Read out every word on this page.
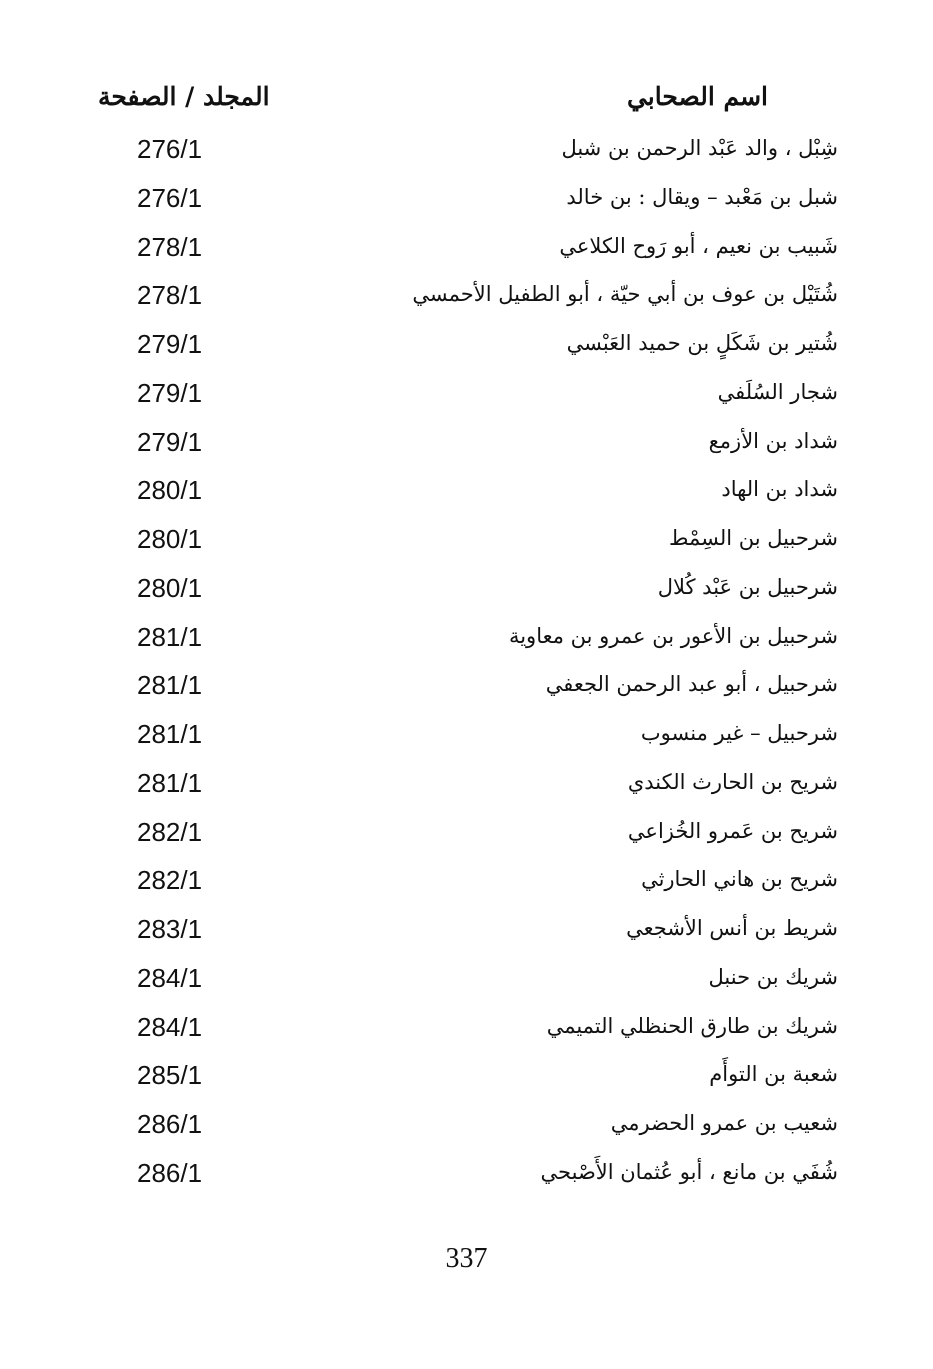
اسم الصحابي
المجلد / الصفحة
شِبْل ، والد عَبْد الرحمن بن شبل
276/1
شبل بن مَعْبد – ويقال : بن خالد
276/1
شَبيب بن نعيم ، أبو رَوح الكلاعي
278/1
شُتَيْل بن عوف بن أبي حيّة ، أبو الطفيل الأحمسي
278/1
شُتير بن شَكَلٍ بن حميد العَبْسي
279/1
شجار السُلَفي
279/1
شداد بن الأزمع
279/1
شداد بن الهاد
280/1
شرحبيل بن السِمْط
280/1
شرحبيل بن عَبْد كُلال
280/1
شرحبيل بن الأعور بن عمرو بن معاوية
281/1
شرحبيل ، أبو عبد الرحمن الجعفي
281/1
شرحبيل – غير منسوب
281/1
شريح بن الحارث الكندي
281/1
شريح بن عَمرو الخُزاعي
282/1
شريح بن هاني الحارثي
282/1
شريط بن أنس الأشجعي
283/1
شريك بن حنبل
284/1
شريك بن طارق الحنظلي التميمي
284/1
شعبة بن التوأَم
285/1
شعيب بن عمرو الحضرمي
286/1
شُفَي بن مانع ، أبو عُثمان الأَصْبحي
286/1
337
